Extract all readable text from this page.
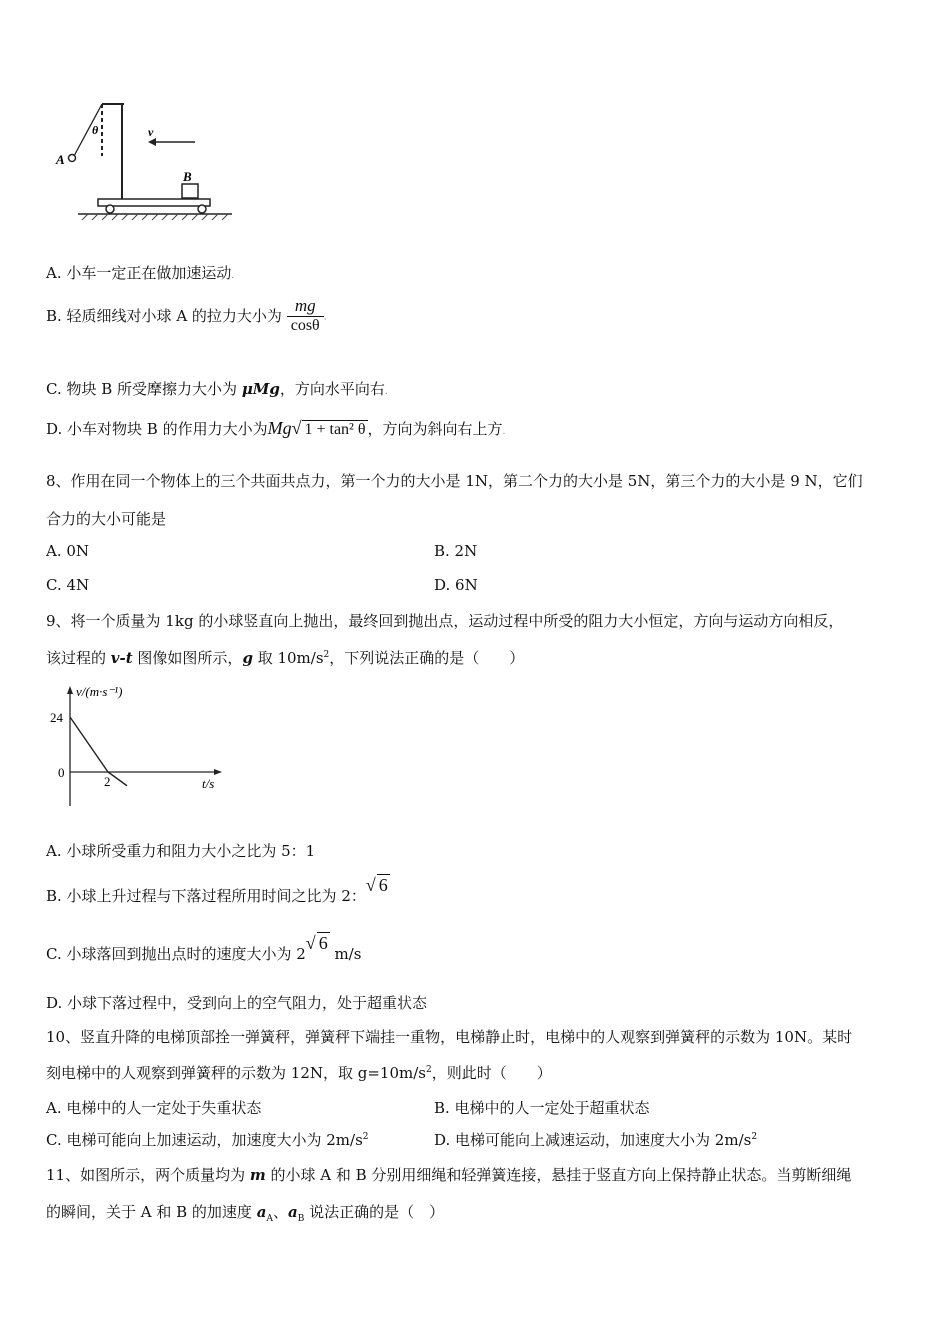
θ
A
v
B
A. 小车一定正在做加速运动.
B. 轻质细线对小球 A 的拉力大小为 $\frac{mg}{\cos\theta}$ .
C. 物块 B 所受摩擦力大小为 μMg，方向水平向右.
D. 小车对物块 B 的作用力大小为Mg√ 1 + tan² θ ，方向为斜向右上方.
8、作用在同一个物体上的三个共面共点力，第一个力的大小是 1N，第二个力的大小是 5N，第三个力的大小是 9 N，它们
合力的大小可能是
A. 0N	B. 2N
C. 4N	D. 6N
9、将一个质量为 1kg 的小球竖直向上抛出，最终回到抛出点，运动过程中所受的阻力大小恒定，方向与运动方向相反，
该过程的 v-t 图像如图所示，g 取 $10m/s^2$，下列说法正确的是（　　）
v/(m·s⁻¹)
t/s
24
0
2
A. 小球所受重力和阻力大小之比为 5：1
B. 小球上升过程与下落过程所用时间之比为 2：√ 6
C. 小球落回到抛出点时的速度大小为 2√ 6 m/s
D. 小球下落过程中，受到向上的空气阻力，处于超重状态
10、竖直升降的电梯顶部拴一弹簧秤，弹簧秤下端挂一重物，电梯静止时，电梯中的人观察到弹簧秤的示数为 10N。某时
刻电梯中的人观察到弹簧秤的示数为 12N，取 $g=10m/s^2$，则此时（　　）
A. 电梯中的人一定处于失重状态	B. 电梯中的人一定处于超重状态
C. 电梯可能向上加速运动，加速度大小为 $2m/s^2$	D. 电梯可能向上减速运动，加速度大小为 $2m/s^2$
11、如图所示，两个质量均为 m 的小球 A 和 B 分别用细绳和轻弹簧连接，悬挂于竖直方向上保持静止状态。当剪断细绳
的瞬间，关于 A 和 B 的加速度 $a_A$、$a_B$ 说法正确的是（　）
